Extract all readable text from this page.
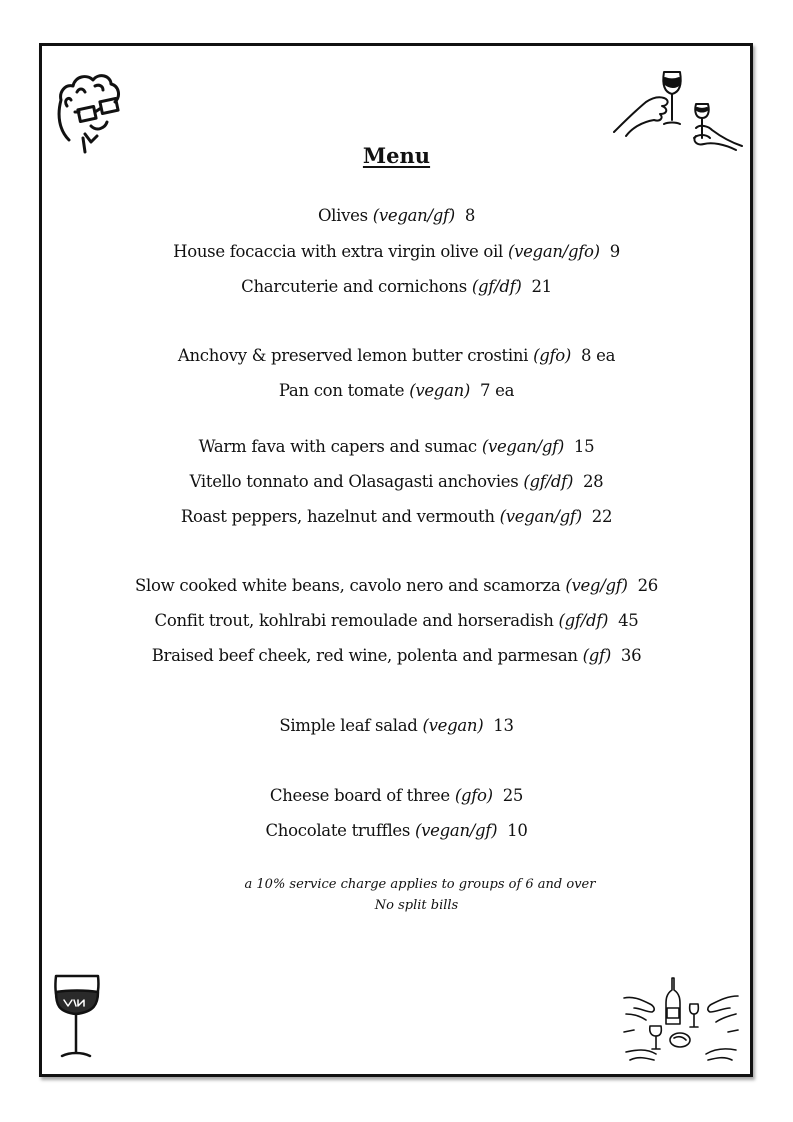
Menu
Olives (vegan/gf) 8
House focaccia with extra virgin olive oil (vegan/gfo) 9
Charcuterie and cornichons (gf/df) 21
Anchovy & preserved lemon butter crostini (gfo) 8 ea
Pan con tomate (vegan) 7 ea
Warm fava with capers and sumac (vegan/gf) 15
Vitello tonnato and Olasagasti anchovies (gf/df) 28
Roast peppers, hazelnut and vermouth (vegan/gf) 22
Slow cooked white beans, cavolo nero and scamorza (veg/gf) 26
Confit trout, kohlrabi remoulade and horseradish (gf/df) 45
Braised beef cheek, red wine, polenta and parmesan (gf) 36
Simple leaf salad (vegan) 13
Cheese board of three (gfo) 25
Chocolate truffles (vegan/gf) 10
a 10% service charge applies to groups of 6 and over
No split bills
